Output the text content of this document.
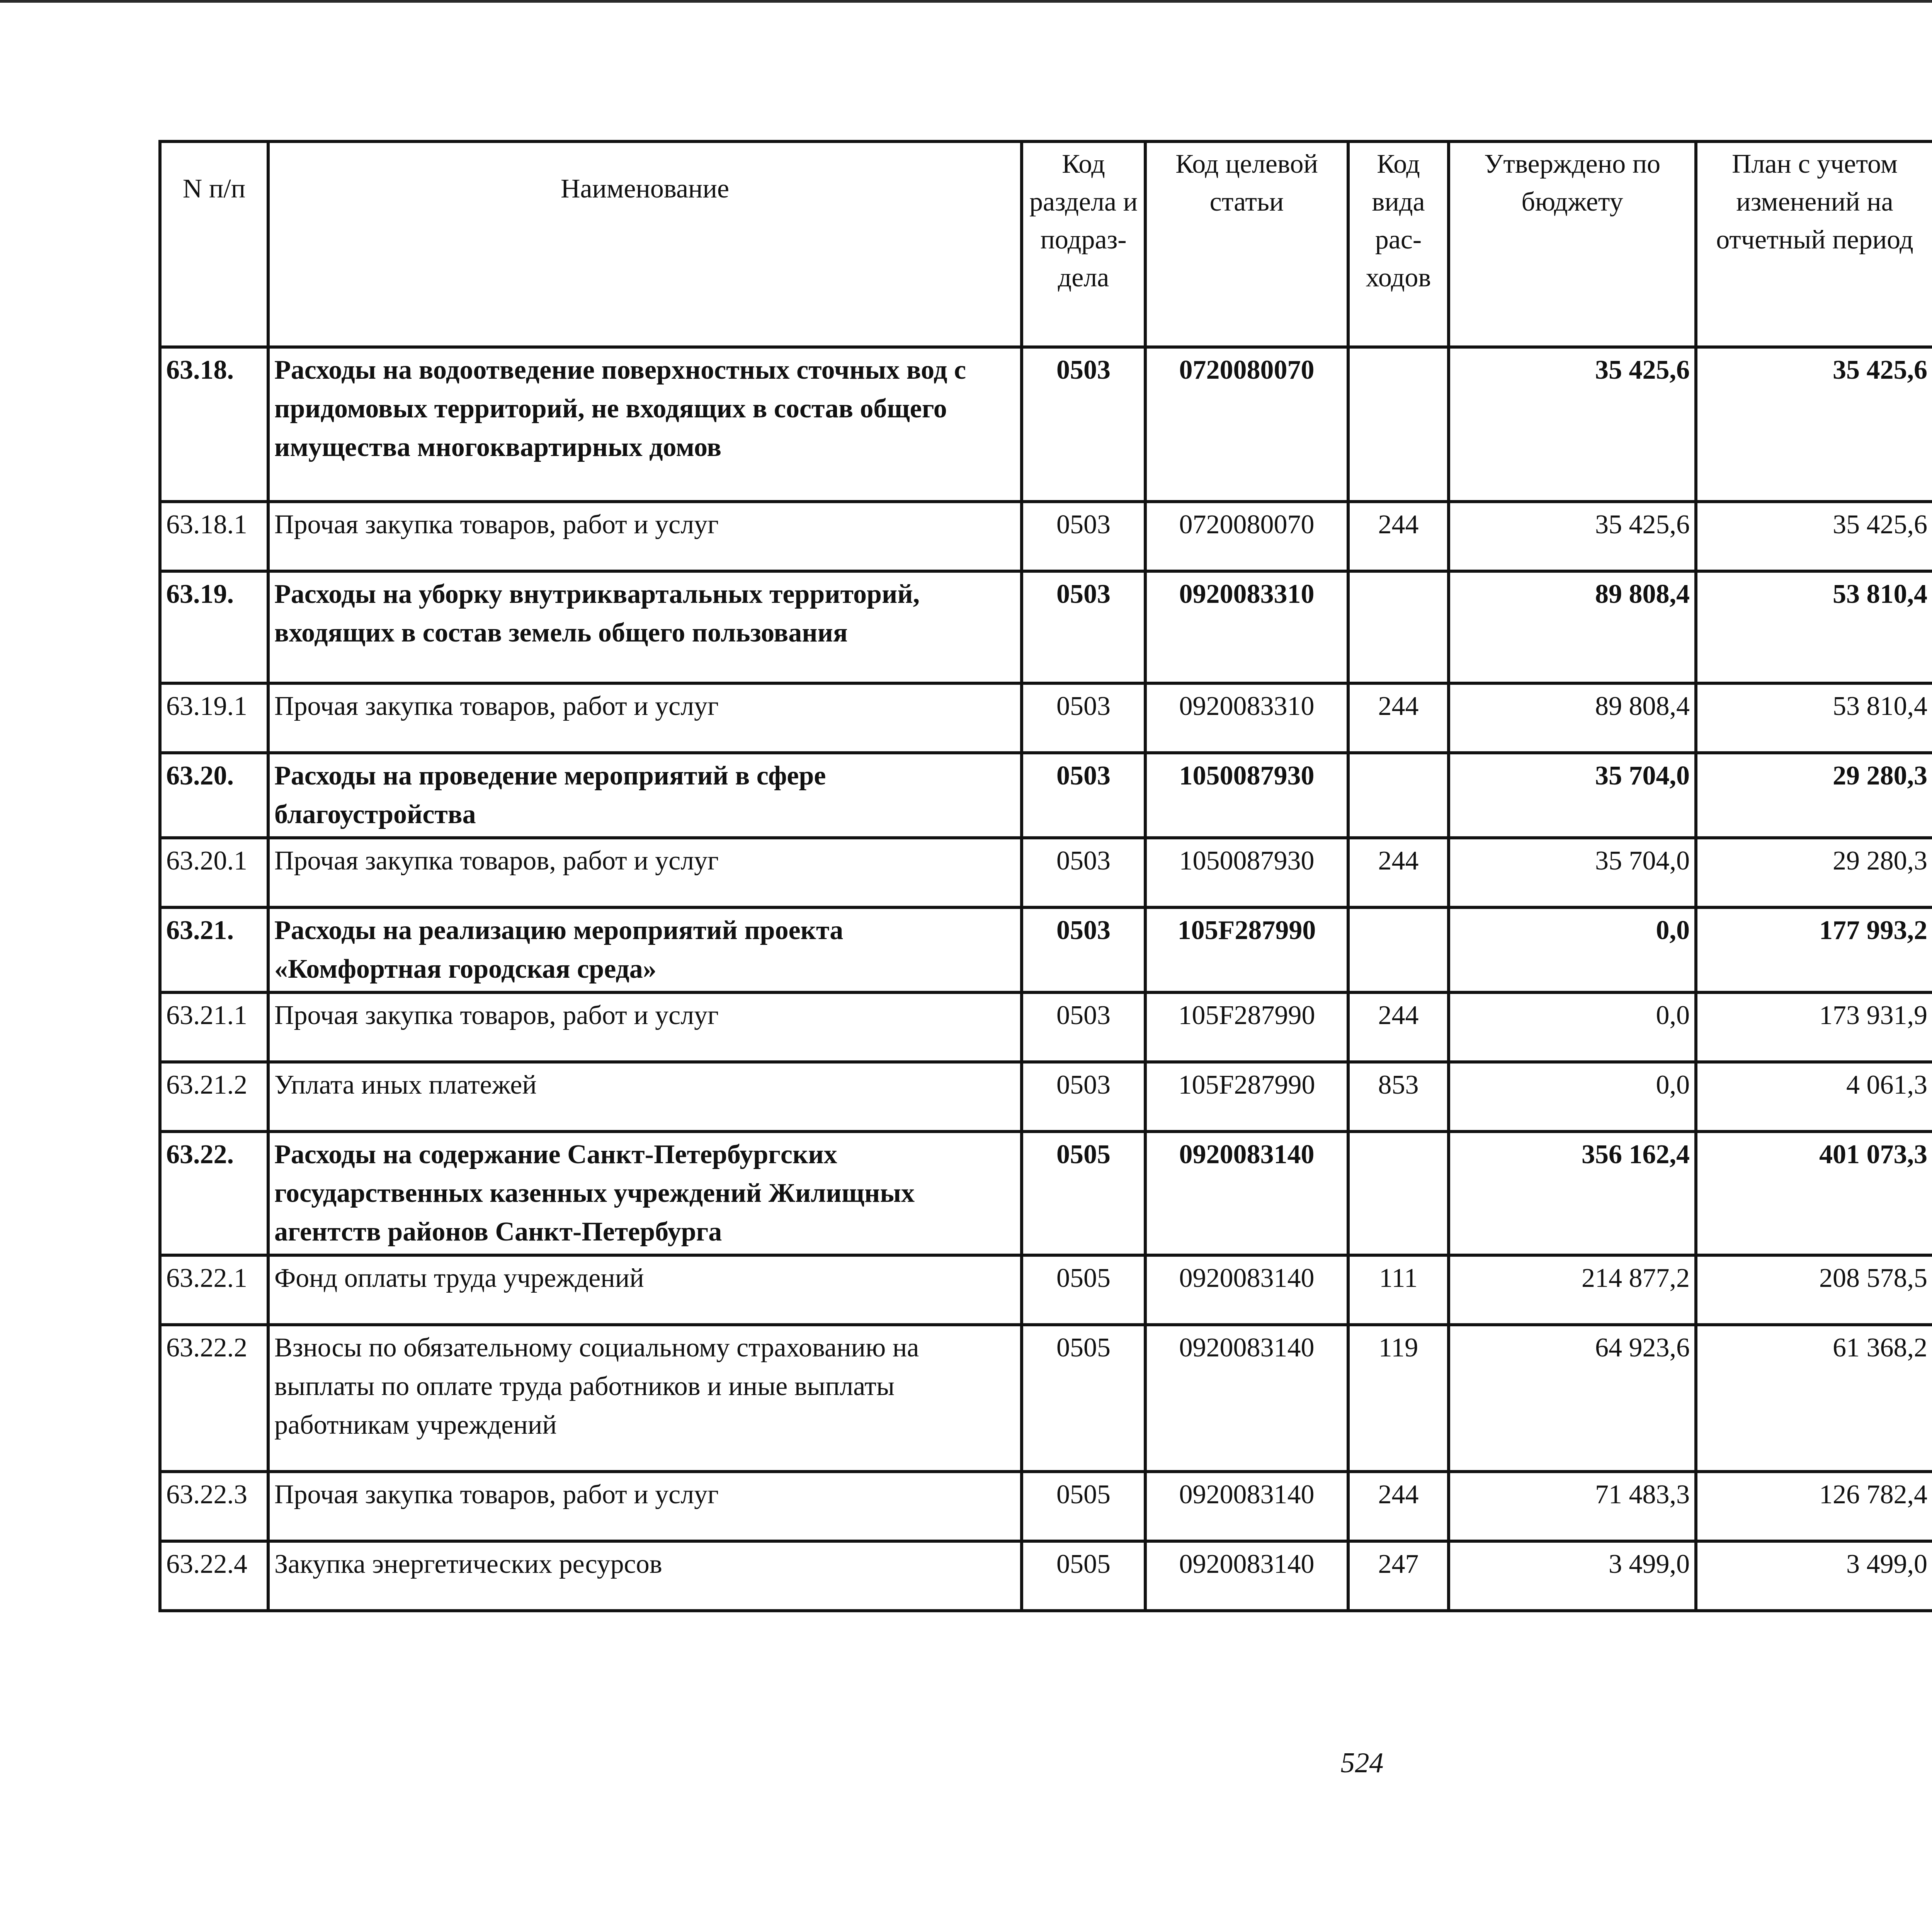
N п/п	Наименование	Код раздела и подраз- дела	Код целевой статьи	Код вида рас- ходов	Утверждено по бюджету	План с учетом изменений на отчетный период		

63.18.	Расходы на водоотведение поверхностных сточных вод с придомовых территорий, не входящих в состав общего имущества многоквартирных домов	0503	0720080070		35 425,6	35 425,6			
63.18.1	Прочая закупка товаров, работ и услуг	0503	0720080070	244	35 425,6	35 425,6			
63.19.	Расходы на уборку внутриквартальных территорий, входящих в состав земель общего пользования	0503	0920083310		89 808,4	53 810,4			
63.19.1	Прочая закупка товаров, работ и услуг	0503	0920083310	244	89 808,4	53 810,4			
63.20.	Расходы на проведение мероприятий в сфере благоустройства	0503	1050087930		35 704,0	29 280,3			
63.20.1	Прочая закупка товаров, работ и услуг	0503	1050087930	244	35 704,0	29 280,3			
63.21.	Расходы на реализацию мероприятий проекта «Комфортная городская среда»	0503	105F287990		0,0	177 993,2			
63.21.1	Прочая закупка товаров, работ и услуг	0503	105F287990	244	0,0	173 931,9			
63.21.2	Уплата иных платежей	0503	105F287990	853	0,0	4 061,3			
63.22.	Расходы на содержание Санкт-Петербургских государственных казенных учреждений Жилищных агентств районов Санкт-Петербурга	0505	0920083140		356 162,4	401 073,3			
63.22.1	Фонд оплаты труда учреждений	0505	0920083140	111	214 877,2	208 578,5			
63.22.2	Взносы по обязательному социальному страхованию на выплаты по оплате труда работников и иные выплаты работникам учреждений	0505	0920083140	119	64 923,6	61 368,2			
63.22.3	Прочая закупка товаров, работ и услуг	0505	0920083140	244	71 483,3	126 782,4			
63.22.4	Закупка энергетических ресурсов	0505	0920083140	247	3 499,0	3 499,0			
524
